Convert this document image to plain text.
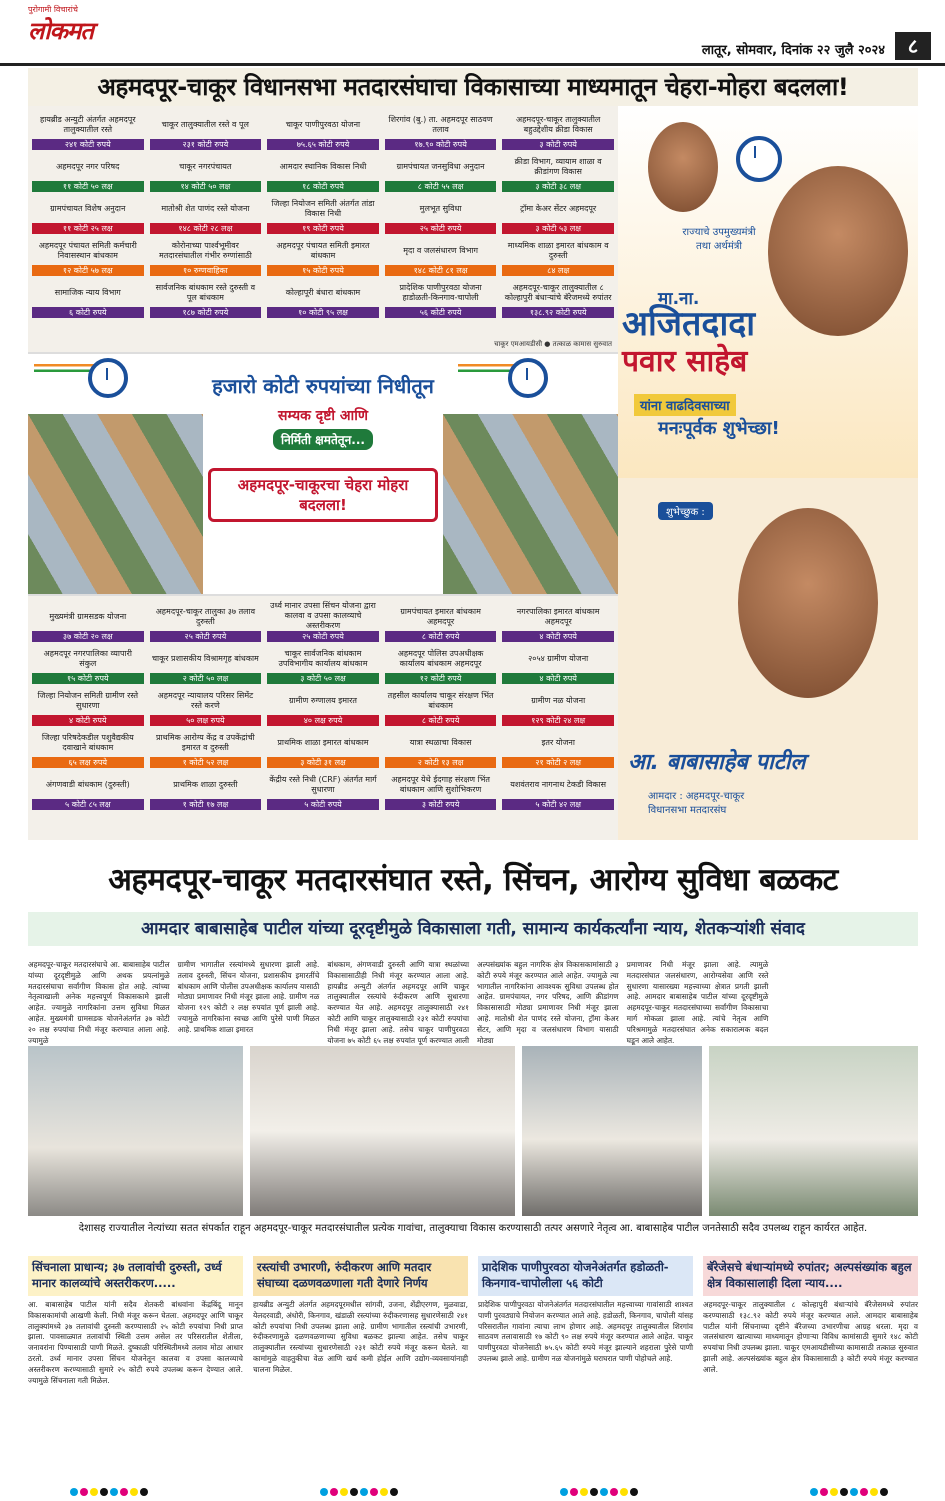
पुरोगामी विचारांचे
लोकमत
लातूर, सोमवार, दिनांक २२ जुलै २०२४	८
अहमदपूर-चाकूर विधानसभा मतदारसंघाचा विकासाच्या माध्यमातून चेहरा-मोहरा बदलला!
हायब्रीड अन्युटी अंतर्गत अहमदपूर तालुक्यातील रस्ते
२४१ कोटी रुपये
चाकूर तालुक्यातील रस्ते व पूल
२३१ कोटी रुपये
चाकूर पाणीपुरवठा योजना
७५.६५ कोटी रुपये
शिरगांव (बु.) ता. अहमदपूर साठवण तलाव
१७.९० कोटी रुपये
अहमदपूर-चाकूर तालुक्यातील बहुउद्देशीय क्रीडा विकास
३ कोटी रुपये
अहमदपूर नगर परिषद
११ कोटी ५० लक्ष
चाकूर नगरपंचायत
१४ कोटी ५० लक्ष
आमदार स्थानिक विकास निधी
१८ कोटी रुपये
ग्रामपंचायत जनसुविधा अनुदान
८ कोटी ५५ लक्ष
क्रीडा विभाग, व्यायाम शाळा व क्रीडांगण विकास
३ कोटी ३८ लक्ष
ग्रामपंचायत विशेष अनुदान
११ कोटी २५ लक्ष
मातोश्री शेत पाणंद रस्ते योजना
१४८ कोटी २८ लक्ष
जिल्हा नियोजन समिती अंतर्गत तांडा विकास निधी
१९ कोटी रुपये
मुलभूत सुविधा
२५ कोटी रुपये
ट्रॉमा केअर सेंटर अहमदपूर
३ कोटी ५३ लक्ष
अहमदपूर पंचायत समिती कर्मचारी निवासस्थान बांधकाम
१२ कोटी ५७ लक्ष
कोरोनाच्या पार्श्वभूमीवर मतदारसंघातील गंभीर रुग्णांसाठी
१० रुग्णवाहिका
अहमदपूर पंचायत समिती इमारत बांधकाम
१५ कोटी रुपये
मृदा व जलसंधारण विभाग
१४८ कोटी ८१ लक्ष
माध्यमिक शाळा इमारत बांधकाम व दुरुस्ती
८४ लक्ष
सामाजिक न्याय विभाग
६ कोटी रुपये
सार्वजनिक बांधकाम रस्ते दुरुस्ती व पूल बांधकाम
१८७ कोटी रुपये
कोल्हापूरी बंधारा बांधकाम
१० कोटी ९५ लक्ष
प्रादेशिक पाणीपुरवठा योजना हाडोळती-किनगाव-चापोली
५६ कोटी रुपये
अहमदपूर-चाकूर तालुक्यातील ८ कोल्हापुरी बंधाऱ्यांचे बॅरेजमध्ये रुपांतर
१३८.९२ कोटी रुपये
चाकूर एमआयडीसी ● तत्काळ कामास सुरुवात
हजारो कोटी रुपयांच्या निधीतून
सम्यक दृष्टी आणि
निर्मिती क्षमतेतून...
अहमदपूर-चाकूरचा चेहरा मोहरा बदलला!
मुख्यमंत्री ग्रामसडक योजना
३७ कोटी २० लक्ष
अहमदपूर-चाकूर तालुका ३७ तलाव दुरुस्ती
२५ कोटी रुपये
उर्ध्व मानार उपसा सिंचन योजना द्वारा कालवा व उपसा कालव्याचे अस्तरीकरण
२५ कोटी रुपये
ग्रामपंचायत इमारत बांधकाम अहमदपूर
८ कोटी रुपये
नगरपालिका इमारत बांधकाम अहमदपूर
४ कोटी रुपये
अहमदपूर नगरपालिका व्यापारी संकुल
१५ कोटी रुपये
चाकूर प्रशासकीय विश्रामगृह बांधकाम
२ कोटी ५० लक्ष
चाकूर सार्वजनिक बांधकाम उपविभागीय कार्यालय बांधकाम
३ कोटी ५० लक्ष
अहमदपूर पोलिस उपअधीक्षक कार्यालय बांधकाम अहमदपूर
१२ कोटी रुपये
२०५४ ग्रामीण योजना
४ कोटी रुपये
जिल्हा नियोजन समिती ग्रामीण रस्ते सुधारणा
४ कोटी रुपये
अहमदपूर न्यायालय परिसर सिमेंट रस्ते करणे
५० लक्ष रुपये
ग्रामीण रुग्णालय इमारत
४० लक्ष रुपये
तहसील कार्यालय चाकूर संरक्षण भिंत बांधकाम
८ कोटी रुपये
ग्रामीण नळ योजना
१२९ कोटी २४ लक्ष
जिल्हा परिषदेकडील पशुवैद्यकीय दवाखाने बांधकाम
६५ लक्ष रुपये
प्राथमिक आरोग्य केंद्र व उपकेंद्रांची इमारत व दुरुस्ती
१ कोटी ५२ लक्ष
प्राथमिक शाळा इमारत बांधकाम
३ कोटी ३१ लक्ष
यात्रा स्थळाचा विकास
२ कोटी १३ लक्ष
इतर योजना
२१ कोटी २ लक्ष
अंगणवाडी बांधकाम (दुरुस्ती)
५ कोटी ८५ लक्ष
प्राथमिक शाळा दुरुस्ती
१ कोटी १७ लक्ष
केंद्रीय रस्ते निधी (CRF) अंतर्गत मार्ग सुधारणा
५ कोटी रुपये
अहमदपूर येथे ईदगाह संरक्षण भिंत बांधकाम आणि सुशोभिकरण
३ कोटी रुपये
यशवंतराव नागनाथ टेकडी विकास
५ कोटी ४२ लक्ष
राज्याचे उपमुख्यमंत्री तथा अर्थमंत्री
मा.ना.
अजितदादा
पवार साहेब
यांना वाढदिवसाच्या
मनःपूर्वक शुभेच्छा!
शुभेच्छुक :
आ. बाबासाहेब पाटील
आमदार : अहमदपूर-चाकूर
विधानसभा मतदारसंघ
अहमदपूर-चाकूर मतदारसंघात रस्ते, सिंचन, आरोग्य सुविधा बळकट
आमदार बाबासाहेब पाटील यांच्या दूरदृष्टीमुळे विकासाला गती, सामान्य कार्यकर्त्यांना न्याय, शेतकऱ्यांशी संवाद

अहमदपूर-चाकूर मतदारसंघाचे आ. बाबासाहेब पाटील यांच्या दूरदृष्टीमुळे आणि अथक प्रयत्नांमुळे मतदारसंघाचा सर्वांगीण विकास होत आहे. त्यांच्या नेतृत्वाखाली अनेक महत्त्वपूर्ण विकासकामे झाली आहेत. ज्यामुळे नागरिकांना उत्तम सुविधा मिळत आहेत. मुख्यमंत्री ग्रामसडक योजनेअंतर्गत ३७ कोटी २० लक्ष रुपयांचा निधी मंजूर करण्यात आला आहे. ज्यामुळे

ग्रामीण भागातील रस्त्यांमध्ये सुधारणा झाली आहे. तलाव दुरुस्ती, सिंचन योजना, प्रशासकीय इमारतींचे बांधकाम आणि पोलीस उपअधीक्षक कार्यालय यासाठी मोठ्या प्रमाणावर निधी मंजूर झाला आहे. ग्रामीण नळ योजना १२९ कोटी २ लक्ष रुपयांत पूर्ण झाली आहे. ज्यामुळे नागरिकांना स्वच्छ आणि पुरेसे पाणी मिळत आहे. प्राथमिक शाळा इमारत

बांधकाम, अंगणवाडी दुरुस्ती आणि यात्रा स्थळांच्या विकासासाठीही निधी मंजूर करण्यात आला आहे. हायब्रीड अन्युटी अंतर्गत अहमदपूर आणि चाकूर तालुक्यातील रस्त्यांचे रुंदीकरण आणि सुधारणा करण्यात येत आहे. अहमदपूर तालुक्यासाठी २४१ कोटी आणि चाकूर तालुक्यासाठी २३१ कोटी रुपयांचा निधी मंजूर झाला आहे. तसेच चाकूर पाणीपुरवठा योजना ७५ कोटी ६५ लक्ष रुपयांत पूर्ण करण्यात आली

अल्पसंख्यांक बहुल नागरिक क्षेत्र विकासकामांसाठी ३ कोटी रुपये मंजूर करण्यात आले आहेत. ज्यामुळे त्या भागातील नागरिकांना आवश्यक सुविधा उपलब्ध होत आहेत. ग्रामपंचायत, नगर परिषद, आणि क्रीडांगण विकासासाठी मोठ्या प्रमाणावर निधी मंजूर झाला आहे. मातोश्री शेत पाणंद रस्ते योजना, ट्रॉमा केअर सेंटर, आणि मृदा व जलसंधारण विभाग यासाठी मोठ्या

प्रमाणावर निधी मंजूर झाला आहे. त्यामुळे मतदारसंघात जलसंधारण, आरोग्यसेवा आणि रस्ते सुधारणा यासारख्या महत्त्वाच्या क्षेत्रात प्रगती झाली आहे. आमदार बाबासाहेब पाटील यांच्या दूरदृष्टीमुळे अहमदपूर-चाकूर मतदारसंघाच्या सर्वांगीण विकासाचा मार्ग मोकळा झाला आहे. त्यांचे नेतृत्व आणि परिश्रमामुळे मतदारसंघात अनेक सकारात्मक बदल घडून आले आहेत.

देशासह राज्यातील नेत्यांच्या सतत संपर्कात राहून अहमदपूर-चाकूर मतदारसंघातील प्रत्येक गावांचा, तालुक्याचा विकास करण्यासाठी तत्पर असणारे नेतृत्व आ. बाबासाहेब पाटील जनतेसाठी सदैव उपलब्ध राहून कार्यरत आहेत.
सिंचनाला प्राधान्य; ३७ तलावांची दुरुस्ती, उर्ध्व मानार कालव्यांचे अस्तरीकरण.....

आ. बाबासाहेब पाटील यांनी सदैव शेतकरी बांधवांना केंद्रबिंदू मानून विकासकामांची आखणी केली. निधी मंजूर करून घेतला. अहमदपूर आणि चाकूर तालुक्यांमध्ये ३७ तलावांची दुरुस्ती करण्यासाठी २५ कोटी रुपयांचा निधी प्राप्त झाला. पावसाळ्यात तलावांची स्थिती उत्तम असेल तर परिसरातील शेतीला, जनावरांना पिण्यासाठी पाणी मिळते. दुष्काळी परिस्थितीमध्ये तलाव मोठा आधार ठरतो. उर्ध्व मानार उपसा सिंचन योजनेतून कालवा व उपसा कालव्याचे अस्तरीकरण करण्यासाठी सुमारे २५ कोटी रुपये उपलब्ध करून देण्यात आले. ज्यामुळे सिंचनाला गती मिळेल.

रस्त्यांची उभारणी, रुंदीकरण आणि मतदार संघाच्या दळणवळणाला गती देणारे निर्णय

हायब्रीड अन्युटी अंतर्गत अहमदपूरमधील सांगवी, उजना, शेंद्रीएरगण, मुळवाडा, येलदरवाडी, अंधोरी, किनगाव, खंडाळी रस्त्यांच्या रुंदीकरणासह सुधारणेसाठी २४१ कोटी रुपयांचा निधी उपलब्ध झाला आहे. ग्रामीण भागातील रस्त्यांची उभारणी, रुंदीकरणामुळे दळणवळणाच्या सुविधा बळकट झाल्या आहेत. तसेच चाकूर तालुक्यातील रस्त्यांच्या सुधारणेसाठी २३१ कोटी रुपये मंजूर करून घेतले. या कामांमुळे वाहतुकीचा वेळ आणि खर्च कमी होईल आणि उद्योग-व्यवसायांनाही चालना मिळेल.

प्रादेशिक पाणीपुरवठा योजनेअंतर्गत हडोळती-किनगाव-चापोलीला ५६ कोटी

प्रादेशिक पाणीपुरवठा योजनेअंतर्गत मतदारसंघातील महत्त्वाच्या गावांसाठी शाश्वत पाणी पुरवठ्याचे नियोजन करण्यात आले आहे. हडोळती, किनगाव, चापोली यांसह परिसरातील गावांना त्याचा लाभ होणार आहे. अहमदपूर तालुक्यातील शिरगांव साठवण तलावासाठी १७ कोटी ९० लक्ष रुपये मंजूर करण्यात आले आहेत. चाकूर पाणीपुरवठा योजनेसाठी ७५.६५ कोटी रुपये मंजूर झाल्याने शहराला पुरेसे पाणी उपलब्ध झाले आहे. ग्रामीण नळ योजनांमुळे घराघरात पाणी पोहोचले आहे.

बॅरेजेसचे बंधाऱ्यांमध्ये रुपांतर; अल्पसंख्यांक बहुल क्षेत्र विकासालाही दिला न्याय....

अहमदपूर-चाकूर तालुक्यातील ८ कोल्हापुरी बंधाऱ्यांचे बॅरेजेसमध्ये रुपांतर करण्यासाठी १३८.९२ कोटी रुपये मंजूर करण्यात आले. आमदार बाबासाहेब पाटील यांनी सिंचनाच्या दृष्टीने बॅरेजच्या उभारणीचा आग्रह धरला. मृदा व जलसंधारण खात्याच्या माध्यमातून होणाऱ्या विविध कामांसाठी सुमारे १४८ कोटी रुपयांचा निधी उपलब्ध झाला. चाकूर एमआयडीसीच्या कामासाठी तत्काळ सुरुवात झाली आहे. अल्पसंख्यांक बहुल क्षेत्र विकासासाठी ३ कोटी रुपये मंजूर करण्यात आले.
